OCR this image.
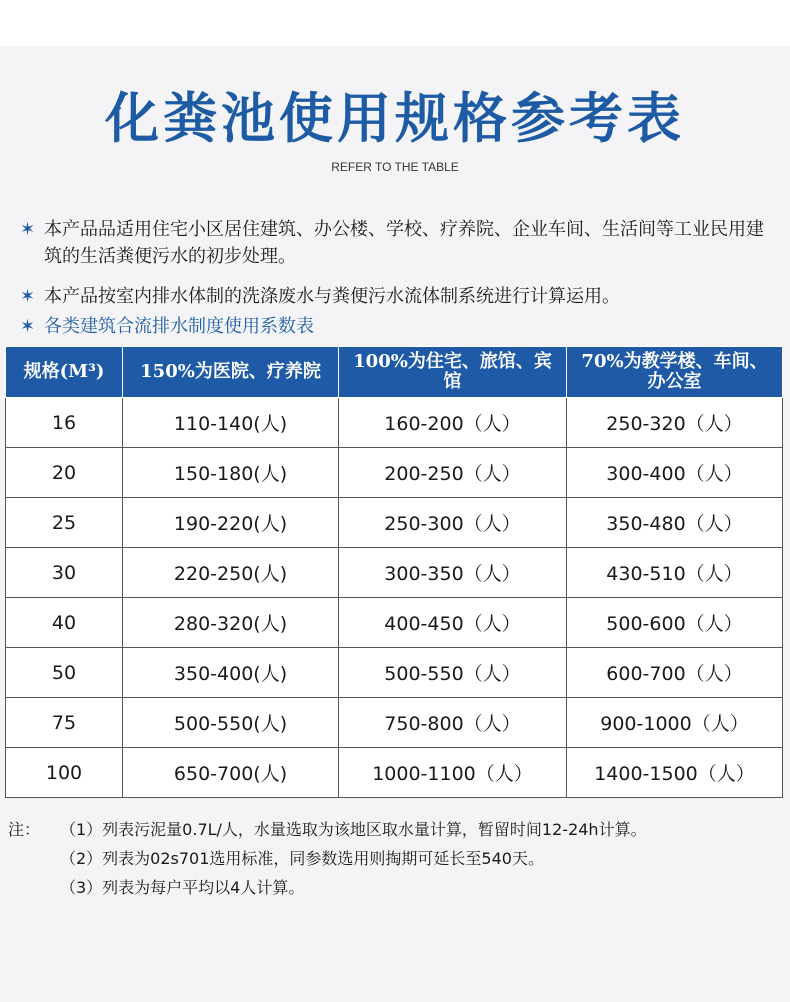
化粪池使用规格参考表
REFER TO THE TABLE
✶ 本产品品适用住宅小区居住建筑、办公楼、学校、疗养院、企业车间、生活间等工业民用建筑的生活粪便污水的初步处理。
✶ 本产品按室内排水体制的洗涤废水与粪便污水流体制系统进行计算运用。
✶ 各类建筑合流排水制度使用系数表
规格(M³)	150%为医院、疗养院	100%为住宅、旅馆、宾馆	70%为教学楼、车间、办公室
16	110-140(人)	160-200（人）	250-320（人）
20	150-180(人)	200-250（人）	300-400（人）
25	190-220(人)	250-300（人）	350-480（人）
30	220-250(人)	300-350（人）	430-510（人）
40	280-320(人)	400-450（人）	500-600（人）
50	350-400(人)	500-550（人）	600-700（人）
75	500-550(人)	750-800（人）	900-1000（人）
100	650-700(人)	1000-1100（人）	1400-1500（人）
注：	（1）列表污泥量0.7L/人，水量选取为该地区取水量计算，暂留时间12-24h计算。
（2）列表为02s701选用标准，同参数选用则掏期可延长至540天。
（3）列表为每户平均以4人计算。
